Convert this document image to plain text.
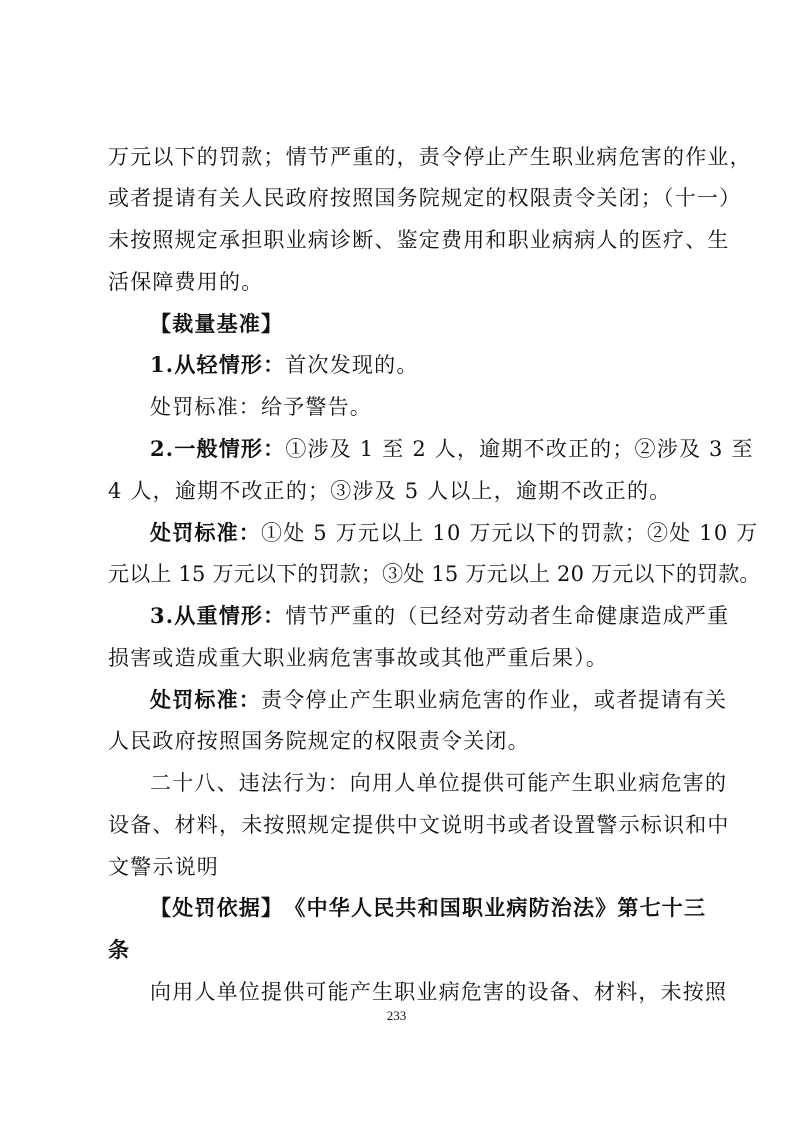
万元以下的罚款；情节严重的，责令停止产生职业病危害的作业，
或者提请有关人民政府按照国务院规定的权限责令关闭；（十一）
未按照规定承担职业病诊断、鉴定费用和职业病病人的医疗、生
活保障费用的。
【裁量基准】
1.从轻情形：首次发现的。
处罚标准：给予警告。
2.一般情形：①涉及 1 至 2 人，逾期不改正的；②涉及 3 至
4 人，逾期不改正的；③涉及 5 人以上，逾期不改正的。
处罚标准：①处 5 万元以上 10 万元以下的罚款；②处 10 万
元以上 15 万元以下的罚款；③处 15 万元以上 20 万元以下的罚款。
3.从重情形：情节严重的（已经对劳动者生命健康造成严重
损害或造成重大职业病危害事故或其他严重后果）。
处罚标准：责令停止产生职业病危害的作业，或者提请有关
人民政府按照国务院规定的权限责令关闭。
二十八、违法行为：向用人单位提供可能产生职业病危害的
设备、材料，未按照规定提供中文说明书或者设置警示标识和中
文警示说明
【处罚依据】　《中华人民共和国职业病防治法》第七十三
条
向用人单位提供可能产生职业病危害的设备、材料，未按照
233
